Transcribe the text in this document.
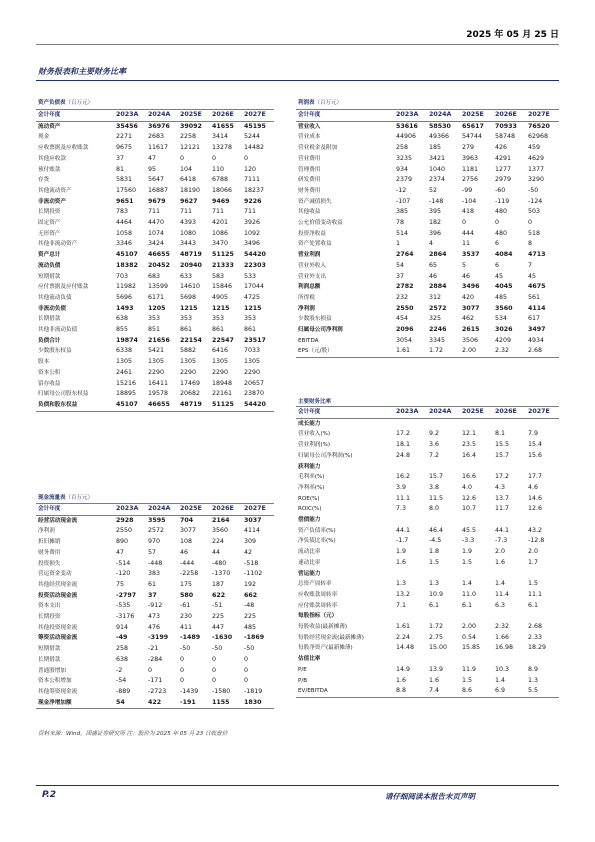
2025 年 05 月 25 日
财务报表和主要财务比率
资产负债表（百万元）
会计年度	2023A	2024A	2025E	2026E	2027E
流动资产	35456	36976	39092	41655	45195
现金	2271	2683	2258	3414	5244
应收票据及应收账款	9675	11617	12121	13278	14482
其他应收款	37	47	0	0	0
预付账款	81	95	104	110	120
存货	5831	5647	6418	6788	7111
其他流动资产	17560	16887	18190	18066	18237
非流动资产	9651	9679	9627	9469	9226
长期投资	783	711	711	711	711
固定资产	4464	4470	4393	4201	3926
无形资产	1058	1074	1080	1086	1092
其他非流动资产	3346	3424	3443	3470	3496
资产总计	45107	46655	48719	51125	54420
流动负债	18382	20452	20940	21333	22303
短期借款	703	683	633	583	533
应付票据及应付账款	11982	13599	14610	15846	17044
其他流动负债	5696	6171	5698	4905	4725
非流动负债	1493	1205	1215	1215	1215
长期借款	638	353	353	353	353
其他非流动负债	855	851	861	861	861
负债合计	19874	21656	22154	22547	23517
少数股东权益	6338	5421	5882	6416	7033
股本	1305	1305	1305	1305	1305
资本公积	2461	2290	2290	2290	2290
留存收益	15216	16411	17469	18948	20657
归属母公司股东权益	18895	19578	20682	22161	23870
负债和股东权益	45107	46655	48719	51125	54420
利润表（百万元）
会计年度	2023A	2024A	2025E	2026E	2027E
营业收入	53616	58530	65617	70933	76520
营业成本	44906	49366	54744	58748	62968
营业税金及附加	258	185	279	426	459
营业费用	3235	3421	3963	4291	4629
管理费用	934	1040	1181	1277	1377
研发费用	2379	2374	2756	2979	3290
财务费用	-12	52	-99	-60	-50
资产减值损失	-107	-148	-104	-119	-124
其他收益	385	395	418	480	503
公允价值变动收益	78	182	0	0	0
投资净收益	514	396	444	480	518
资产处置收益	1	4	11	6	8
营业利润	2764	2864	3537	4084	4713
营业外收入	54	65	5	6	7
营业外支出	37	46	46	45	45
利润总额	2782	2884	3496	4045	4675
所得税	232	312	420	485	561
净利润	2550	2572	3077	3560	4114
少数股东损益	454	325	462	534	617
归属母公司净利润	2096	2246	2615	3026	3497
EBITDA	3054	3345	3506	4209	4934
EPS（元/股）	1.61	1.72	2.00	2.32	2.68
现金流量表（百万元）
会计年度	2023A	2024A	2025E	2026E	2027E
经营活动现金流	2928	3595	704	2164	3037
净利润	2550	2572	3077	3560	4114
折旧摊销	890	970	108	224	309
财务费用	47	57	46	44	42
投资损失	-514	-448	-444	-480	-518
营运资金变动	-120	383	-2258	-1370	-1102
其他经营现金流	75	61	175	187	192
投资活动现金流	-2797	37	580	622	662
资本支出	-535	-912	-61	-51	-48
长期投资	-3176	473	230	225	225
其他投资现金流	914	476	411	447	485
筹资活动现金流	-49	-3199	-1489	-1630	-1869
短期借款	258	-21	-50	-50	-50
长期借款	638	-284	0	0	0
普通股增加	-2	0	0	0	0
资本公积增加	-54	-171	0	0	0
其他筹资现金流	-889	-2723	-1439	-1580	-1819
现金净增加额	54	422	-191	1155	1830
主要财务比率
会计年度	2023A	2024A	2025E	2026E	2027E
成长能力					
营业收入(%)	17.2	9.2	12.1	8.1	7.9
营业利润(%)	18.1	3.6	23.5	15.5	15.4
归属母公司净利润(%)	24.8	7.2	16.4	15.7	15.6
获利能力					
毛利率(%)	16.2	15.7	16.6	17.2	17.7
净利率(%)	3.9	3.8	4.0	4.3	4.6
ROE(%)	11.1	11.5	12.6	13.7	14.6
ROIC(%)	7.3	8.0	10.7	11.7	12.6
偿债能力					
资产负债率(%)	44.1	46.4	45.5	44.1	43.2
净负债比率(%)	-1.7	-4.5	-3.3	-7.3	-12.8
流动比率	1.9	1.8	1.9	2.0	2.0
速动比率	1.6	1.5	1.5	1.6	1.7
营运能力					
总资产周转率	1.3	1.3	1.4	1.4	1.5
应收账款周转率	13.2	10.9	11.0	11.4	11.1
应付账款周转率	7.1	6.1	6.1	6.3	6.1
每股指标（元）					
每股收益(最新摊薄)	1.61	1.72	2.00	2.32	2.68
每股经营现金流(最新摊薄)	2.24	2.75	0.54	1.66	2.33
每股净资产(最新摊薄)	14.48	15.00	15.85	16.98	18.29
估值比率					
P/E	14.9	13.9	11.9	10.3	8.9
P/B	1.6	1.6	1.5	1.4	1.3
EV/EBITDA	8.8	7.4	8.6	6.9	5.5
资料来源：Wind，国盛证券研究所 注：股价为 2025 年 05 月 23 日收盘价
P.2	请仔细阅读本报告末页声明
